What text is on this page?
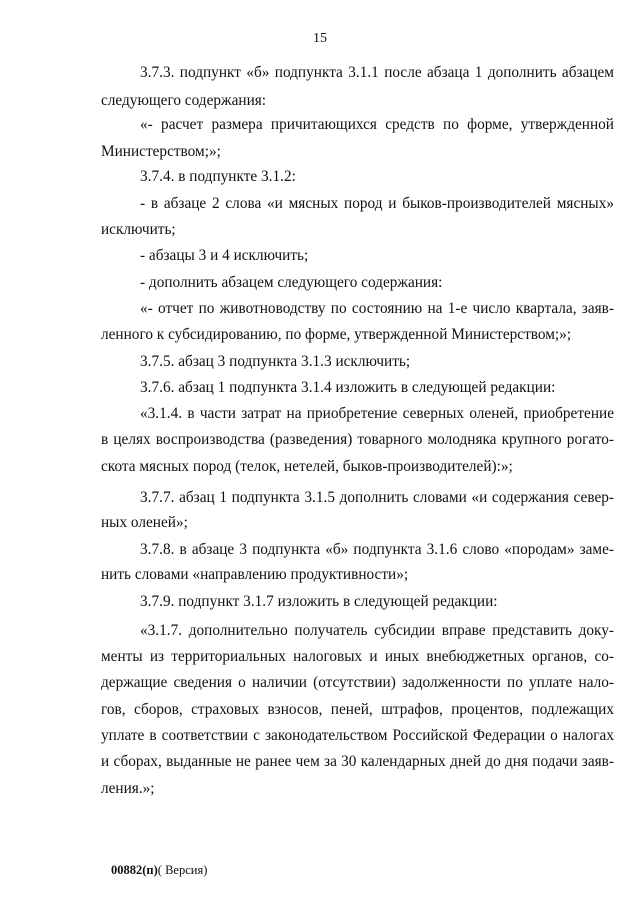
15
3.7.3. подпункт «б» подпункта 3.1.1 после абзаца 1 дополнить абзацем
следующего содержания:
«- расчет размера причитающихся средств по форме, утвержденной
Министерством;»;
3.7.4. в подпункте 3.1.2:
- в абзаце 2 слова «и мясных пород и быков-производителей мясных»
исключить;
- абзацы 3 и 4 исключить;
- дополнить абзацем следующего содержания:
«- отчет по животноводству по состоянию на 1-е число квартала, заяв-
ленного к субсидированию, по форме, утвержденной Министерством;»;
3.7.5. абзац 3 подпункта 3.1.3 исключить;
3.7.6. абзац 1 подпункта 3.1.4 изложить в следующей редакции:
«3.1.4. в части затрат на приобретение северных оленей, приобретение
в целях воспроизводства (разведения) товарного молодняка крупного рогато-
скота мясных пород (телок, нетелей, быков-производителей):»;
3.7.7. абзац 1 подпункта 3.1.5 дополнить словами «и содержания север-
ных оленей»;
3.7.8. в абзаце 3 подпункта «б» подпункта 3.1.6 слово «породам» заме-
нить словами «направлению продуктивности»;
3.7.9. подпункт 3.1.7 изложить в следующей редакции:
«3.1.7. дополнительно получатель субсидии вправе представить доку-
менты из территориальных налоговых и иных внебюджетных органов, со-
держащие сведения о наличии (отсутствии) задолженности по уплате нало-
гов, сборов, страховых взносов, пеней, штрафов, процентов, подлежащих
уплате в соответствии с законодательством Российской Федерации о налогах
и сборах, выданные не ранее чем за 30 календарных дней до дня подачи заяв-
ления.»;
00882(п)( Версия)
